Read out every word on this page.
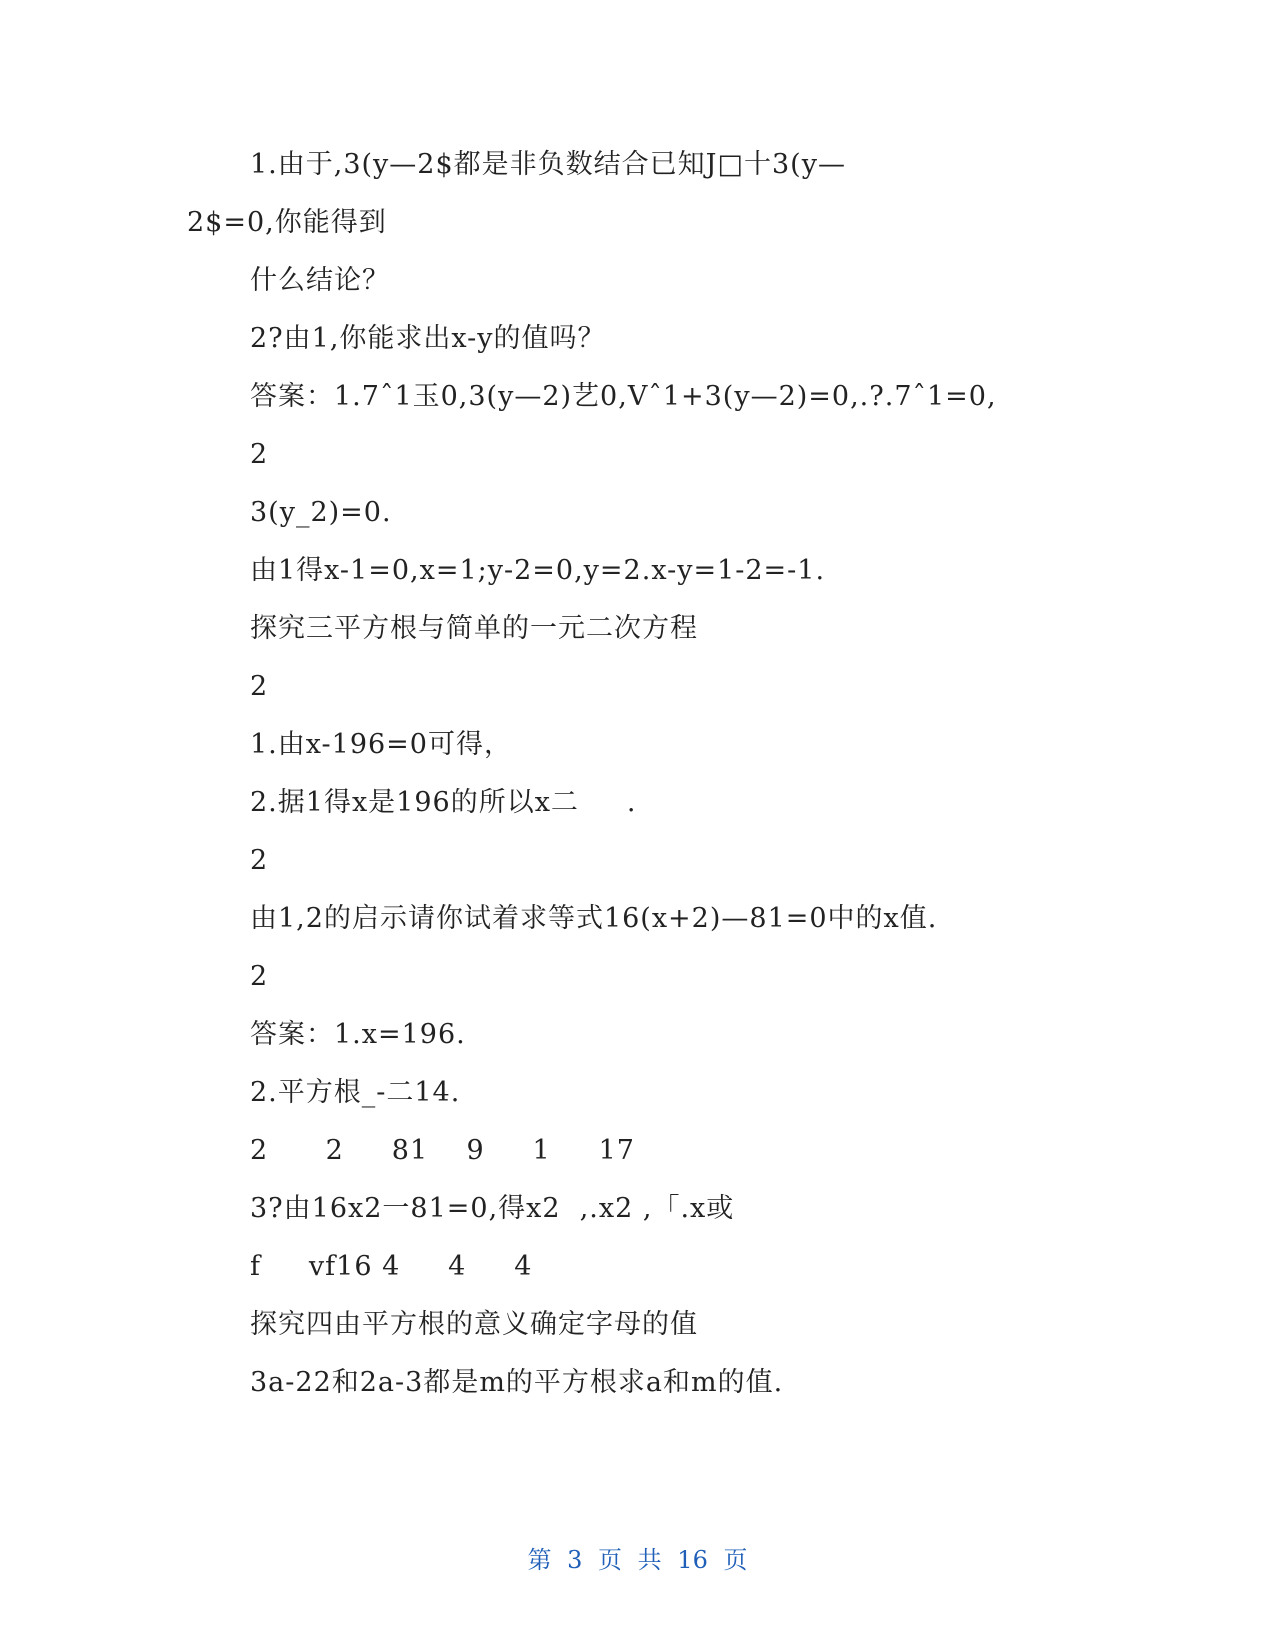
1.由于,3(y—2$都是非负数结合已知J□十3(y—
2$=0,你能得到
什么结论？
2?由1,你能求出x-y的值吗？
答案：1.7ˆ1玉0,3(y—2)艺0,Vˆ1+3(y—2)=0,.?.7ˆ1=0,
2
3(y_2)=0.
由1得x-1=0,x=1;y-2=0,y=2.x-y=1-2=-1.
探究三平方根与简单的一元二次方程
2
1.由x-196=0可得，
2.据1得x是196的所以x二     .
2
由1,2的启示请你试着求等式16(x+2)—81=0中的x值.
2
答案：1.x=196.
2.平方根_-二14.
2      2     81    9     1     17
3?由16x2一81=0,得x2  ,.x2 ,「.x或
f     vf16 4     4     4
探究四由平方根的意义确定字母的值
3a-22和2a-3都是m的平方根求a和m的值.
第 3 页 共 16 页
